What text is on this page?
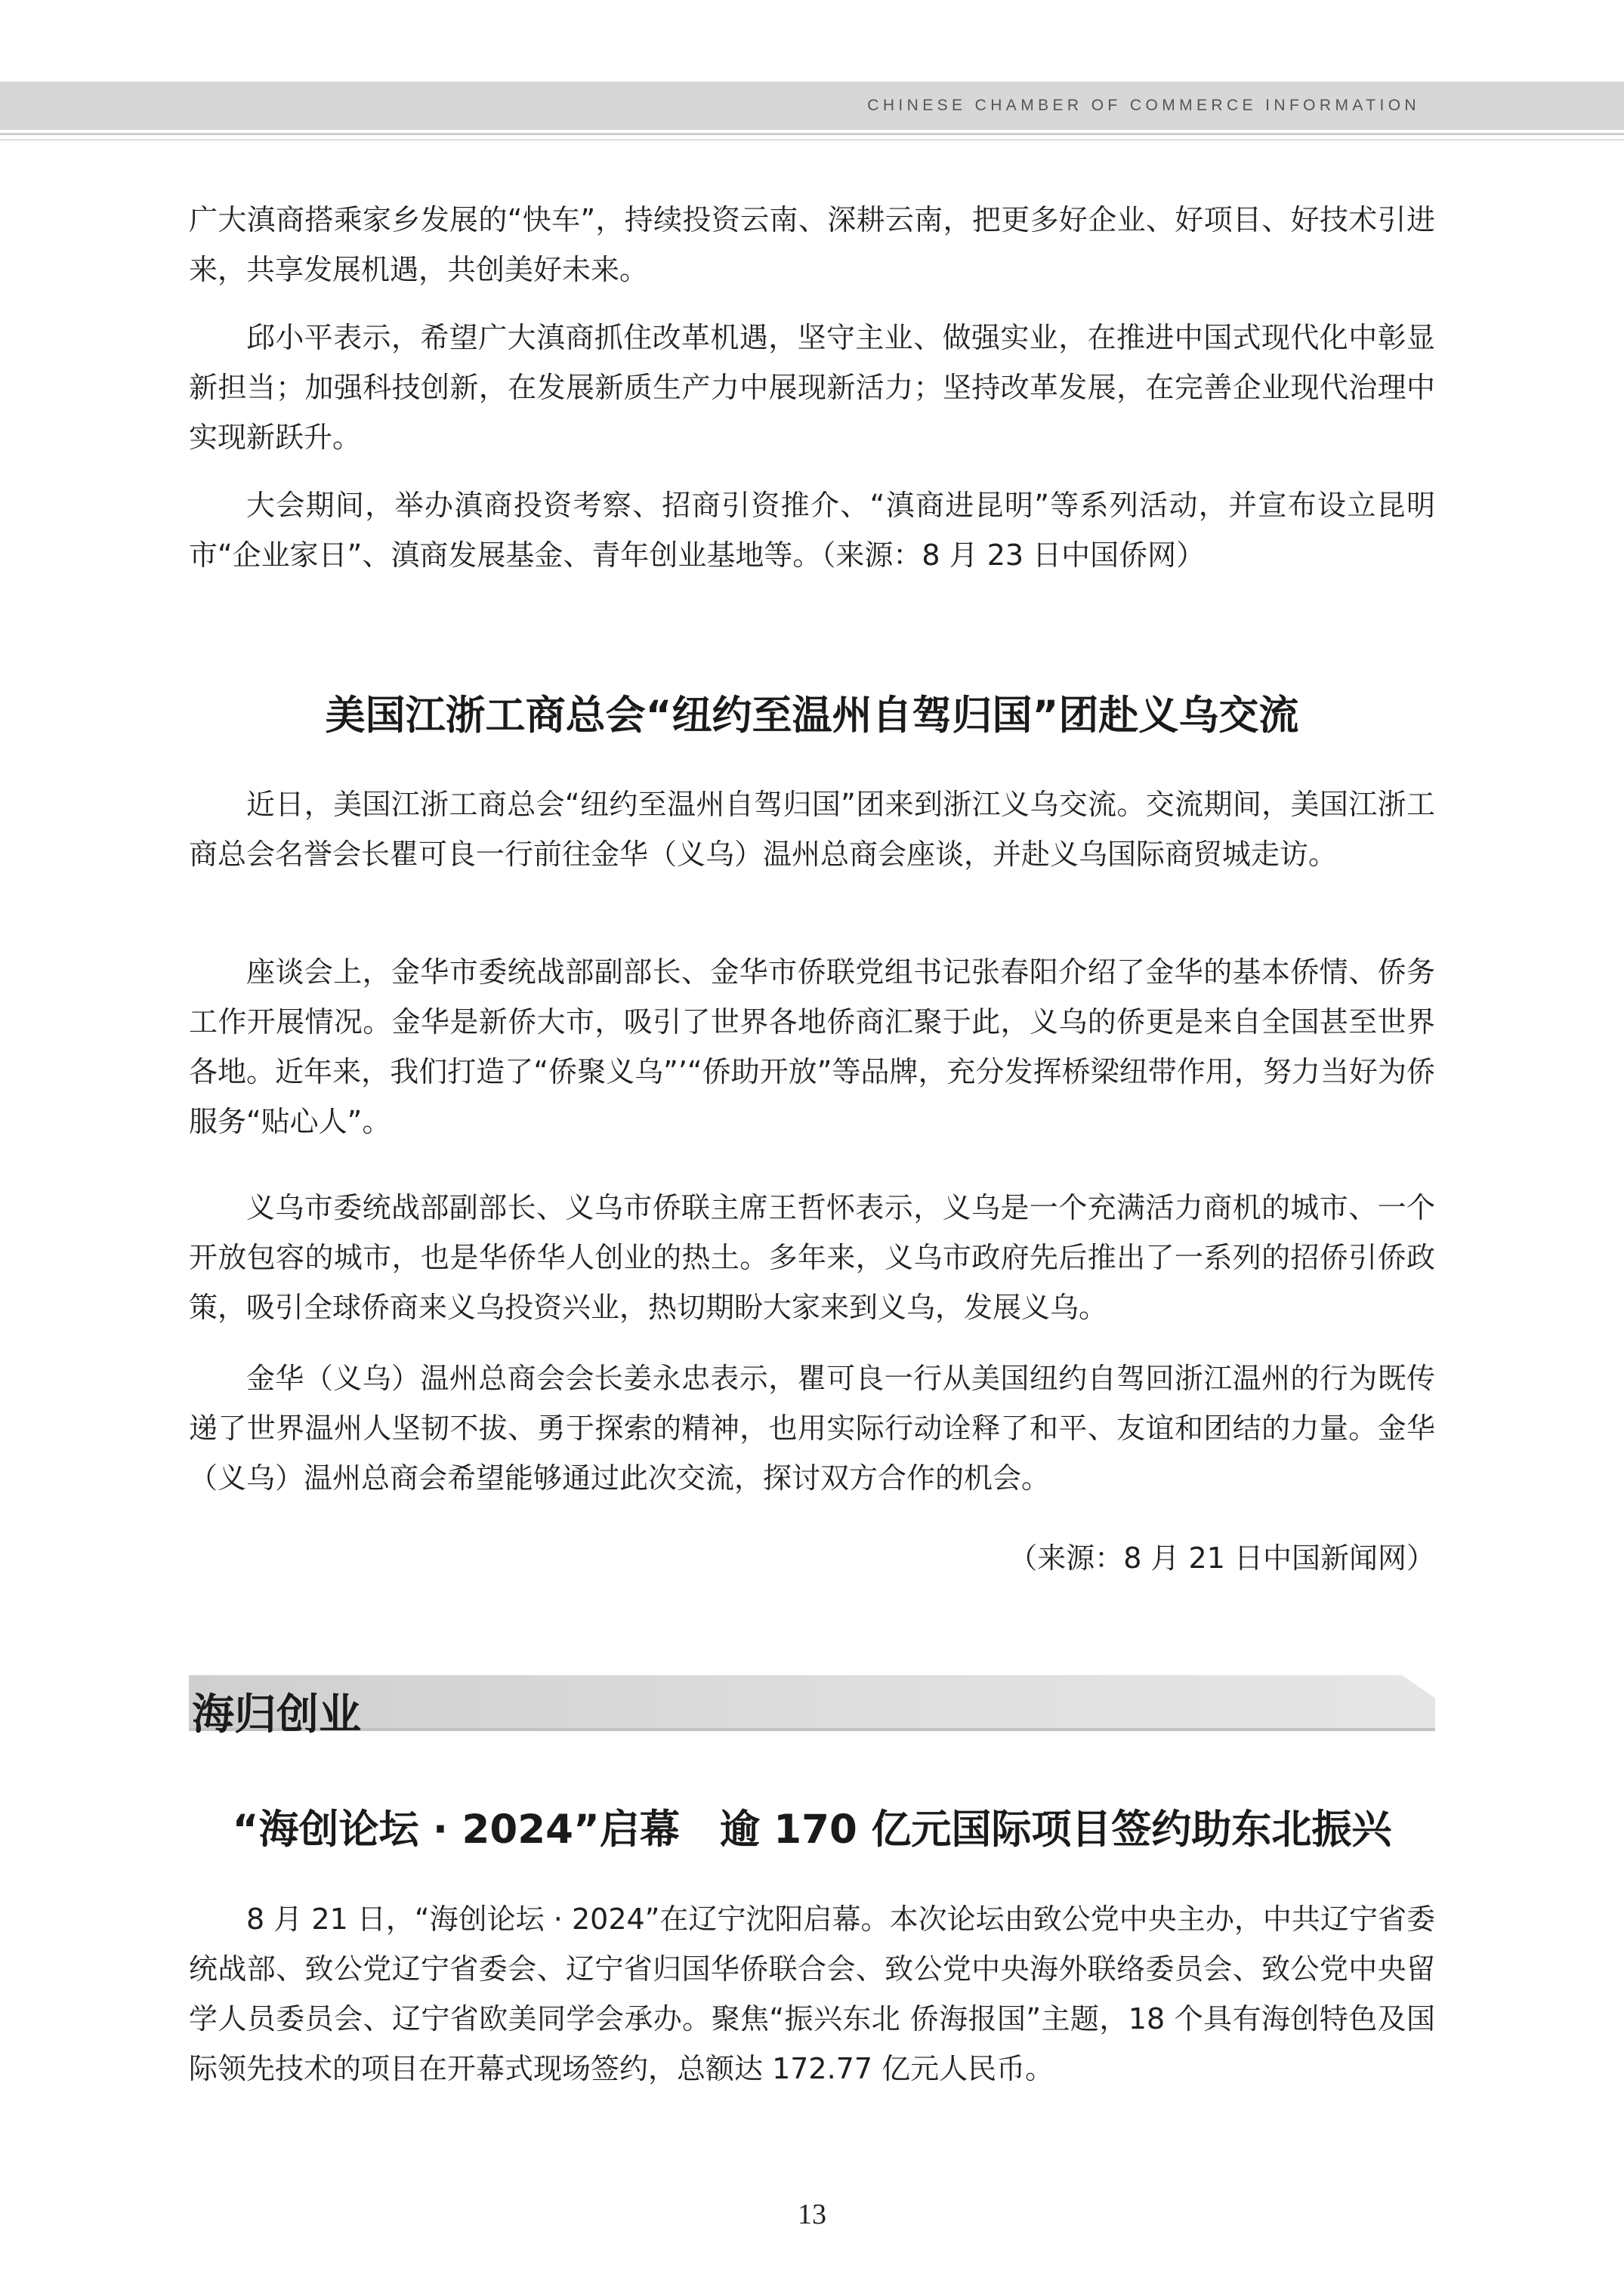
CHINESE CHAMBER OF COMMERCE INFORMATION

广大滇商搭乘家乡发展的“快车”，持续投资云南、深耕云南，把更多好企业、好项目、好技术引进来，共享发展机遇，共创美好未来。

邱小平表示，希望广大滇商抓住改革机遇，坚守主业、做强实业，在推进中国式现代化中彰显新担当；加强科技创新，在发展新质生产力中展现新活力；坚持改革发展，在完善企业现代治理中实现新跃升。

大会期间，举办滇商投资考察、招商引资推介、“滇商进昆明”等系列活动，并宣布设立昆明市“企业家日”、滇商发展基金、青年创业基地等。（来源：8 月 23 日中国侨网）

美国江浙工商总会“纽约至温州自驾归国”团赴义乌交流

近日，美国江浙工商总会“纽约至温州自驾归国”团来到浙江义乌交流。交流期间，美国江浙工商总会名誉会长瞿可良一行前往金华（义乌）温州总商会座谈，并赴义乌国际商贸城走访。

座谈会上，金华市委统战部副部长、金华市侨联党组书记张春阳介绍了金华的基本侨情、侨务工作开展情况。金华是新侨大市，吸引了世界各地侨商汇聚于此，义乌的侨更是来自全国甚至世界各地。近年来，我们打造了“侨聚义乌”’“侨助开放”等品牌，充分发挥桥梁纽带作用，努力当好为侨服务“贴心人”。

义乌市委统战部副部长、义乌市侨联主席王哲怀表示，义乌是一个充满活力商机的城市、一个开放包容的城市，也是华侨华人创业的热土。多年来，义乌市政府先后推出了一系列的招侨引侨政策，吸引全球侨商来义乌投资兴业，热切期盼大家来到义乌，发展义乌。

金华（义乌）温州总商会会长姜永忠表示，瞿可良一行从美国纽约自驾回浙江温州的行为既传递了世界温州人坚韧不拔、勇于探索的精神，也用实际行动诠释了和平、友谊和团结的力量。金华（义乌）温州总商会希望能够通过此次交流，探讨双方合作的机会。

（来源：8 月 21 日中国新闻网）
海归创业
“海创论坛 · 2024”启幕　逾 170 亿元国际项目签约助东北振兴

8 月 21 日，“海创论坛 · 2024”在辽宁沈阳启幕。本次论坛由致公党中央主办，中共辽宁省委统战部、致公党辽宁省委会、辽宁省归国华侨联合会、致公党中央海外联络委员会、致公党中央留学人员委员会、辽宁省欧美同学会承办。聚焦“振兴东北 侨海报国”主题，18 个具有海创特色及国际领先技术的项目在开幕式现场签约，总额达 172.77 亿元人民币。

13
